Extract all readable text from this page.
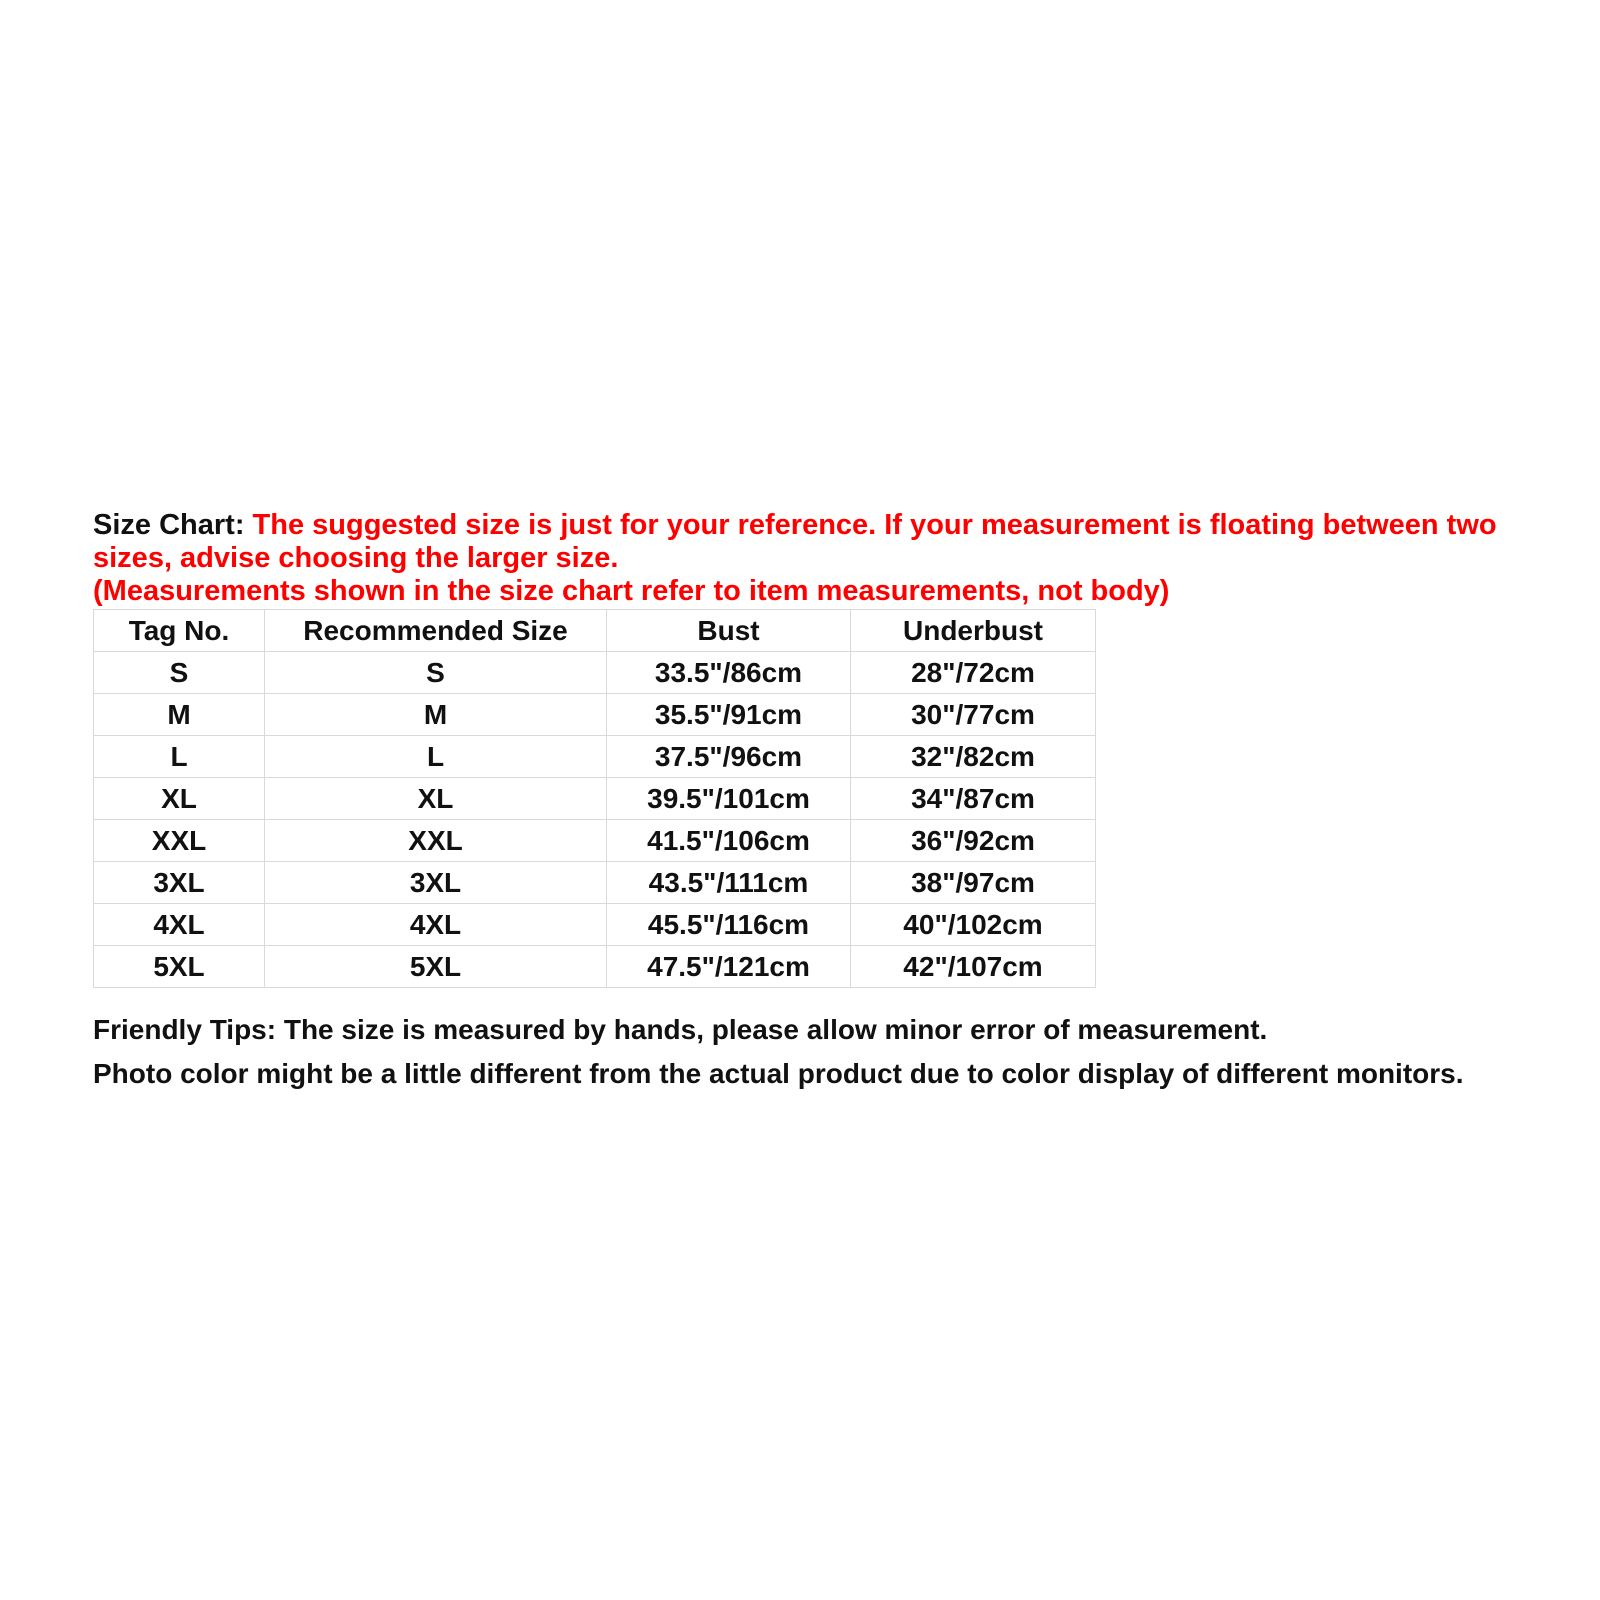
Size Chart: The suggested size is just for your reference. If your measurement is floating between two sizes, advise choosing the larger size.

(Measurements shown in the size chart refer to item measurements, not body)

Tag No.	Recommended Size	Bust	Underbust
S	S	33.5"/86cm	28"/72cm
M	M	35.5"/91cm	30"/77cm
L	L	37.5"/96cm	32"/82cm
XL	XL	39.5"/101cm	34"/87cm
XXL	XXL	41.5"/106cm	36"/92cm
3XL	3XL	43.5"/111cm	38"/97cm
4XL	4XL	45.5"/116cm	40"/102cm
5XL	5XL	47.5"/121cm	42"/107cm

Friendly Tips: The size is measured by hands, please allow minor error of measurement.

Photo color might be a little different from the actual product due to color display of different monitors.
